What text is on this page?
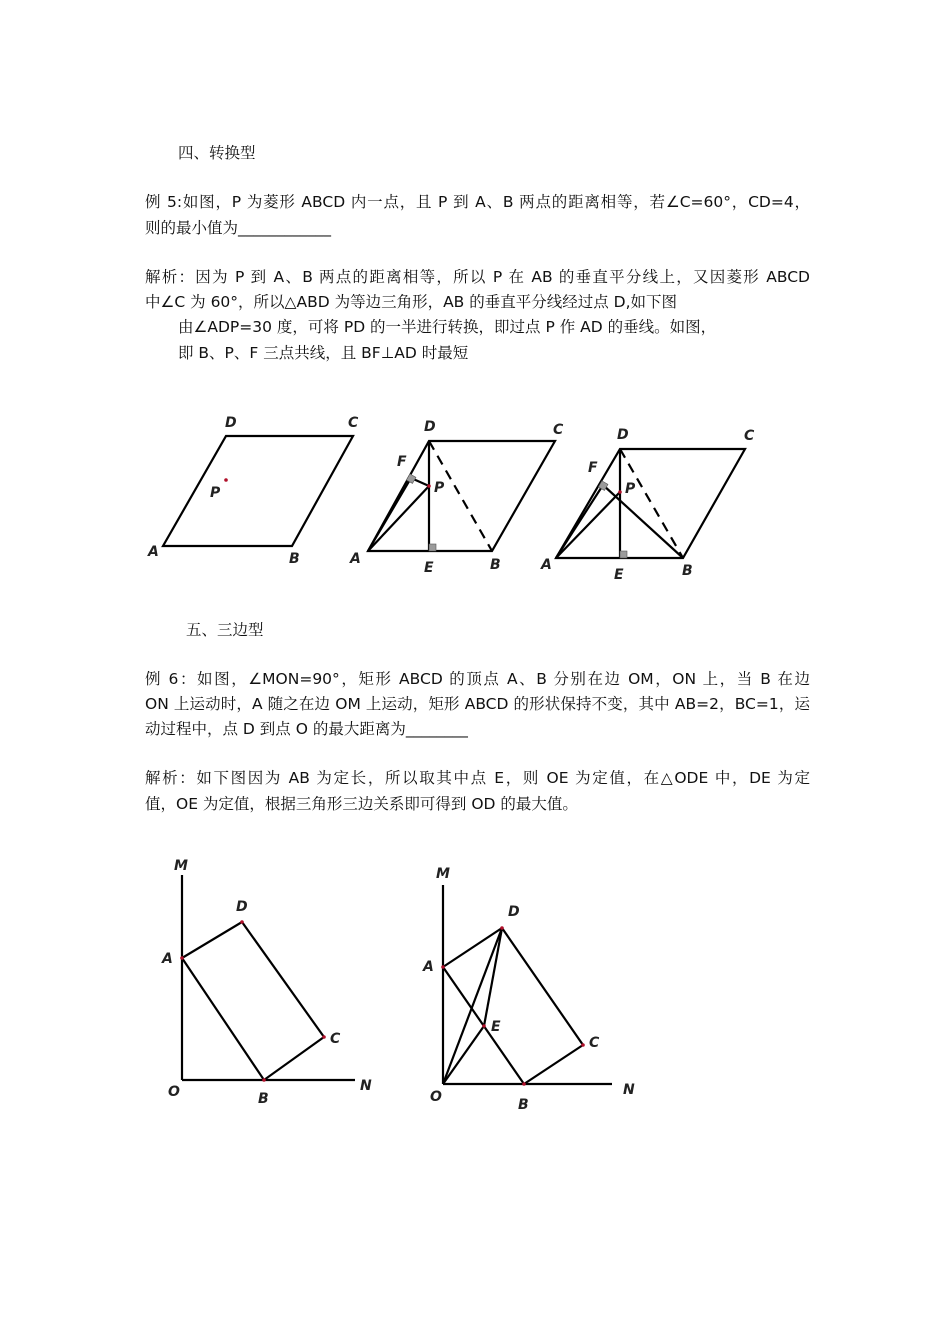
四、转换型
例 5:如图，P 为菱形 ABCD 内一点，且 P 到 A、B 两点的距离相等，若∠C=60°，CD=4，
则的最小值为____________
解析：因为 P 到 A、B 两点的距离相等，所以 P 在 AB 的垂直平分线上，又因菱形 ABCD
中∠C 为 60°，所以△ABD 为等边三角形，AB 的垂直平分线经过点 D,如下图
由∠ADP=30 度，可将 PD 的一半进行转换，即过点 P 作 AD 的垂线。如图，
即 B、P、F 三点共线，且 BF⊥AD 时最短
D	C
A	B
P
D	C
F
P
A
E	B
D	C
F
P
A
E	B
五、三边型
例 6：如图，∠MON=90°，矩形 ABCD 的顶点 A、B 分别在边 OM，ON 上，当 B 在边
ON 上运动时，A 随之在边 OM 上运动，矩形 ABCD 的形状保持不变，其中 AB=2，BC=1，运
动过程中，点 D 到点 O 的最大距离为________
解析：如下图因为 AB 为定长，所以取其中点 E，则 OE 为定值，在△ODE 中，DE 为定
值，OE 为定值，根据三角形三边关系即可得到 OD 的最大值。
M
D
A
C
O	B
N
M
D
A
E
C
O	B
N
